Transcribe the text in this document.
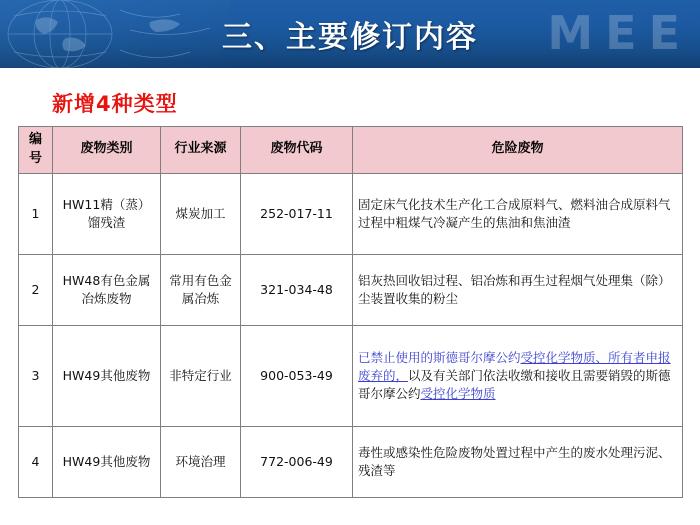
MEE
三、主要修订内容
新增4种类型
编号	废物类别	行业来源	废物代码	危险废物
1	HW11精（蒸）馏残渣	煤炭加工	252-017-11	固定床气化技术生产化工合成原料气、燃料油合成原料气过程中粗煤气冷凝产生的焦油和焦油渣
2	HW48有色金属冶炼废物	常用有色金属冶炼	321-034-48	铝灰热回收铝过程、铝冶炼和再生过程烟气处理集（除）尘装置收集的粉尘
3	HW49其他废物	非特定行业	900-053-49	已禁止使用的斯德哥尔摩公约受控化学物质、所有者申报废弃的，以及有关部门依法收缴和接收且需要销毁的斯德哥尔摩公约受控化学物质
4	HW49其他废物	环境治理	772-006-49	毒性或感染性危险废物处置过程中产生的废水处理污泥、残渣等
